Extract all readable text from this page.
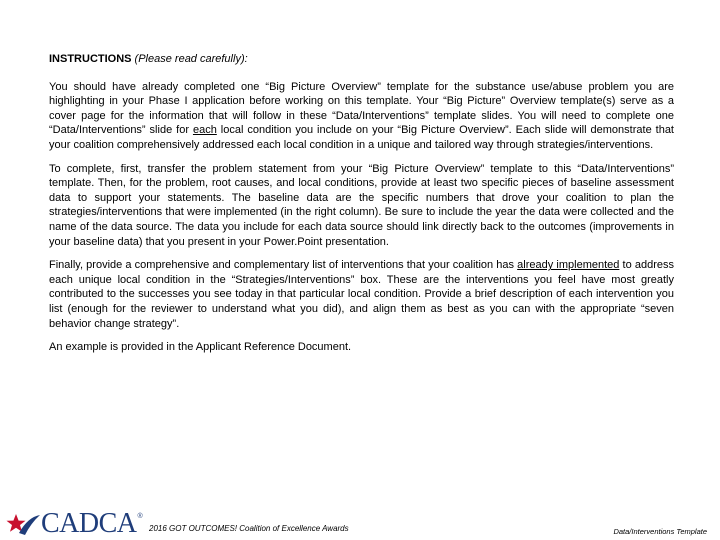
INSTRUCTIONS (Please read carefully):

You should have already completed one “Big Picture Overview” template for the substance use/abuse problem you are highlighting in your Phase I application before working on this template. Your “Big Picture” Overview template(s) serve as a cover page for the information that will follow in these “Data/Interventions” template slides. You will need to complete one “Data/Interventions” slide for each local condition you include on your “Big Picture Overview”. Each slide will demonstrate that your coalition comprehensively addressed each local condition in a unique and tailored way through strategies/interventions.

To complete, first, transfer the problem statement from your “Big Picture Overview” template to this “Data/Interventions” template. Then, for the problem, root causes, and local conditions, provide at least two specific pieces of baseline assessment data to support your statements. The baseline data are the specific numbers that drove your coalition to plan the strategies/interventions that were implemented (in the right column). Be sure to include the year the data were collected and the name of the data source. The data you include for each data source should link directly back to the outcomes (improvements in your baseline data) that you present in your Power.Point presentation.

Finally, provide a comprehensive and complementary list of interventions that your coalition has already implemented to address each unique local condition in the “Strategies/Interventions” box. These are the interventions you feel have most greatly contributed to the successes you see today in that particular local condition. Provide a brief description of each intervention you list (enough for the reviewer to understand what you did), and align them as best as you can with the appropriate “seven behavior change strategy”.

An example is provided in the Applicant Reference Document.

CADCA ®
2016 GOT OUTCOMES! Coalition of Excellence Awards	Data/Interventions Template
